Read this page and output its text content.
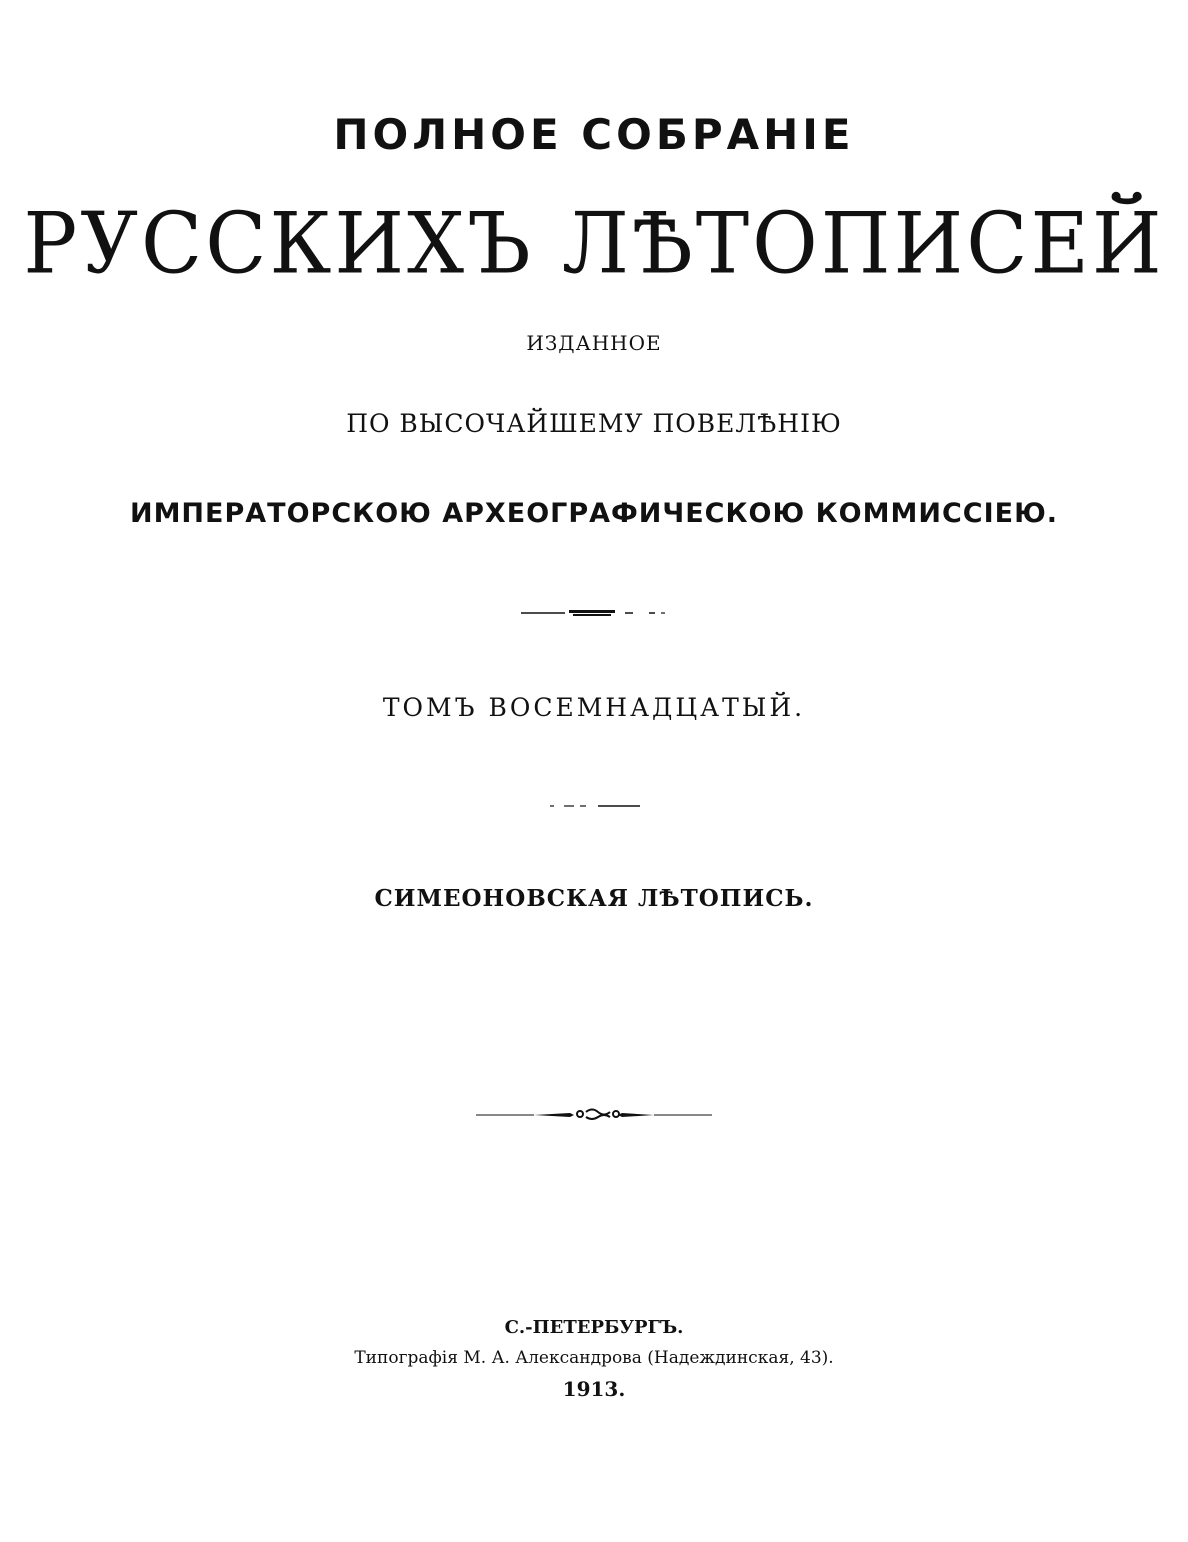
ПОЛНОЕ СОБРАНІЕ

РУССКИХЪ ЛѢТОПИСЕЙ

ИЗДАННОЕ

ПО ВЫСОЧАЙШЕМУ ПОВЕЛѢНІЮ

ИМПЕРАТОРСКОЮ АРХЕОГРАФИЧЕСКОЮ КОММИССІЕЮ.

ТОМЪ ВОСЕМНАДЦАТЫЙ.

СИМЕОНОВСКАЯ ЛѢТОПИСЬ.

С.-ПЕТЕРБУРГЪ.

Типографія М. А. Александрова (Надеждинская, 43).

1913.
